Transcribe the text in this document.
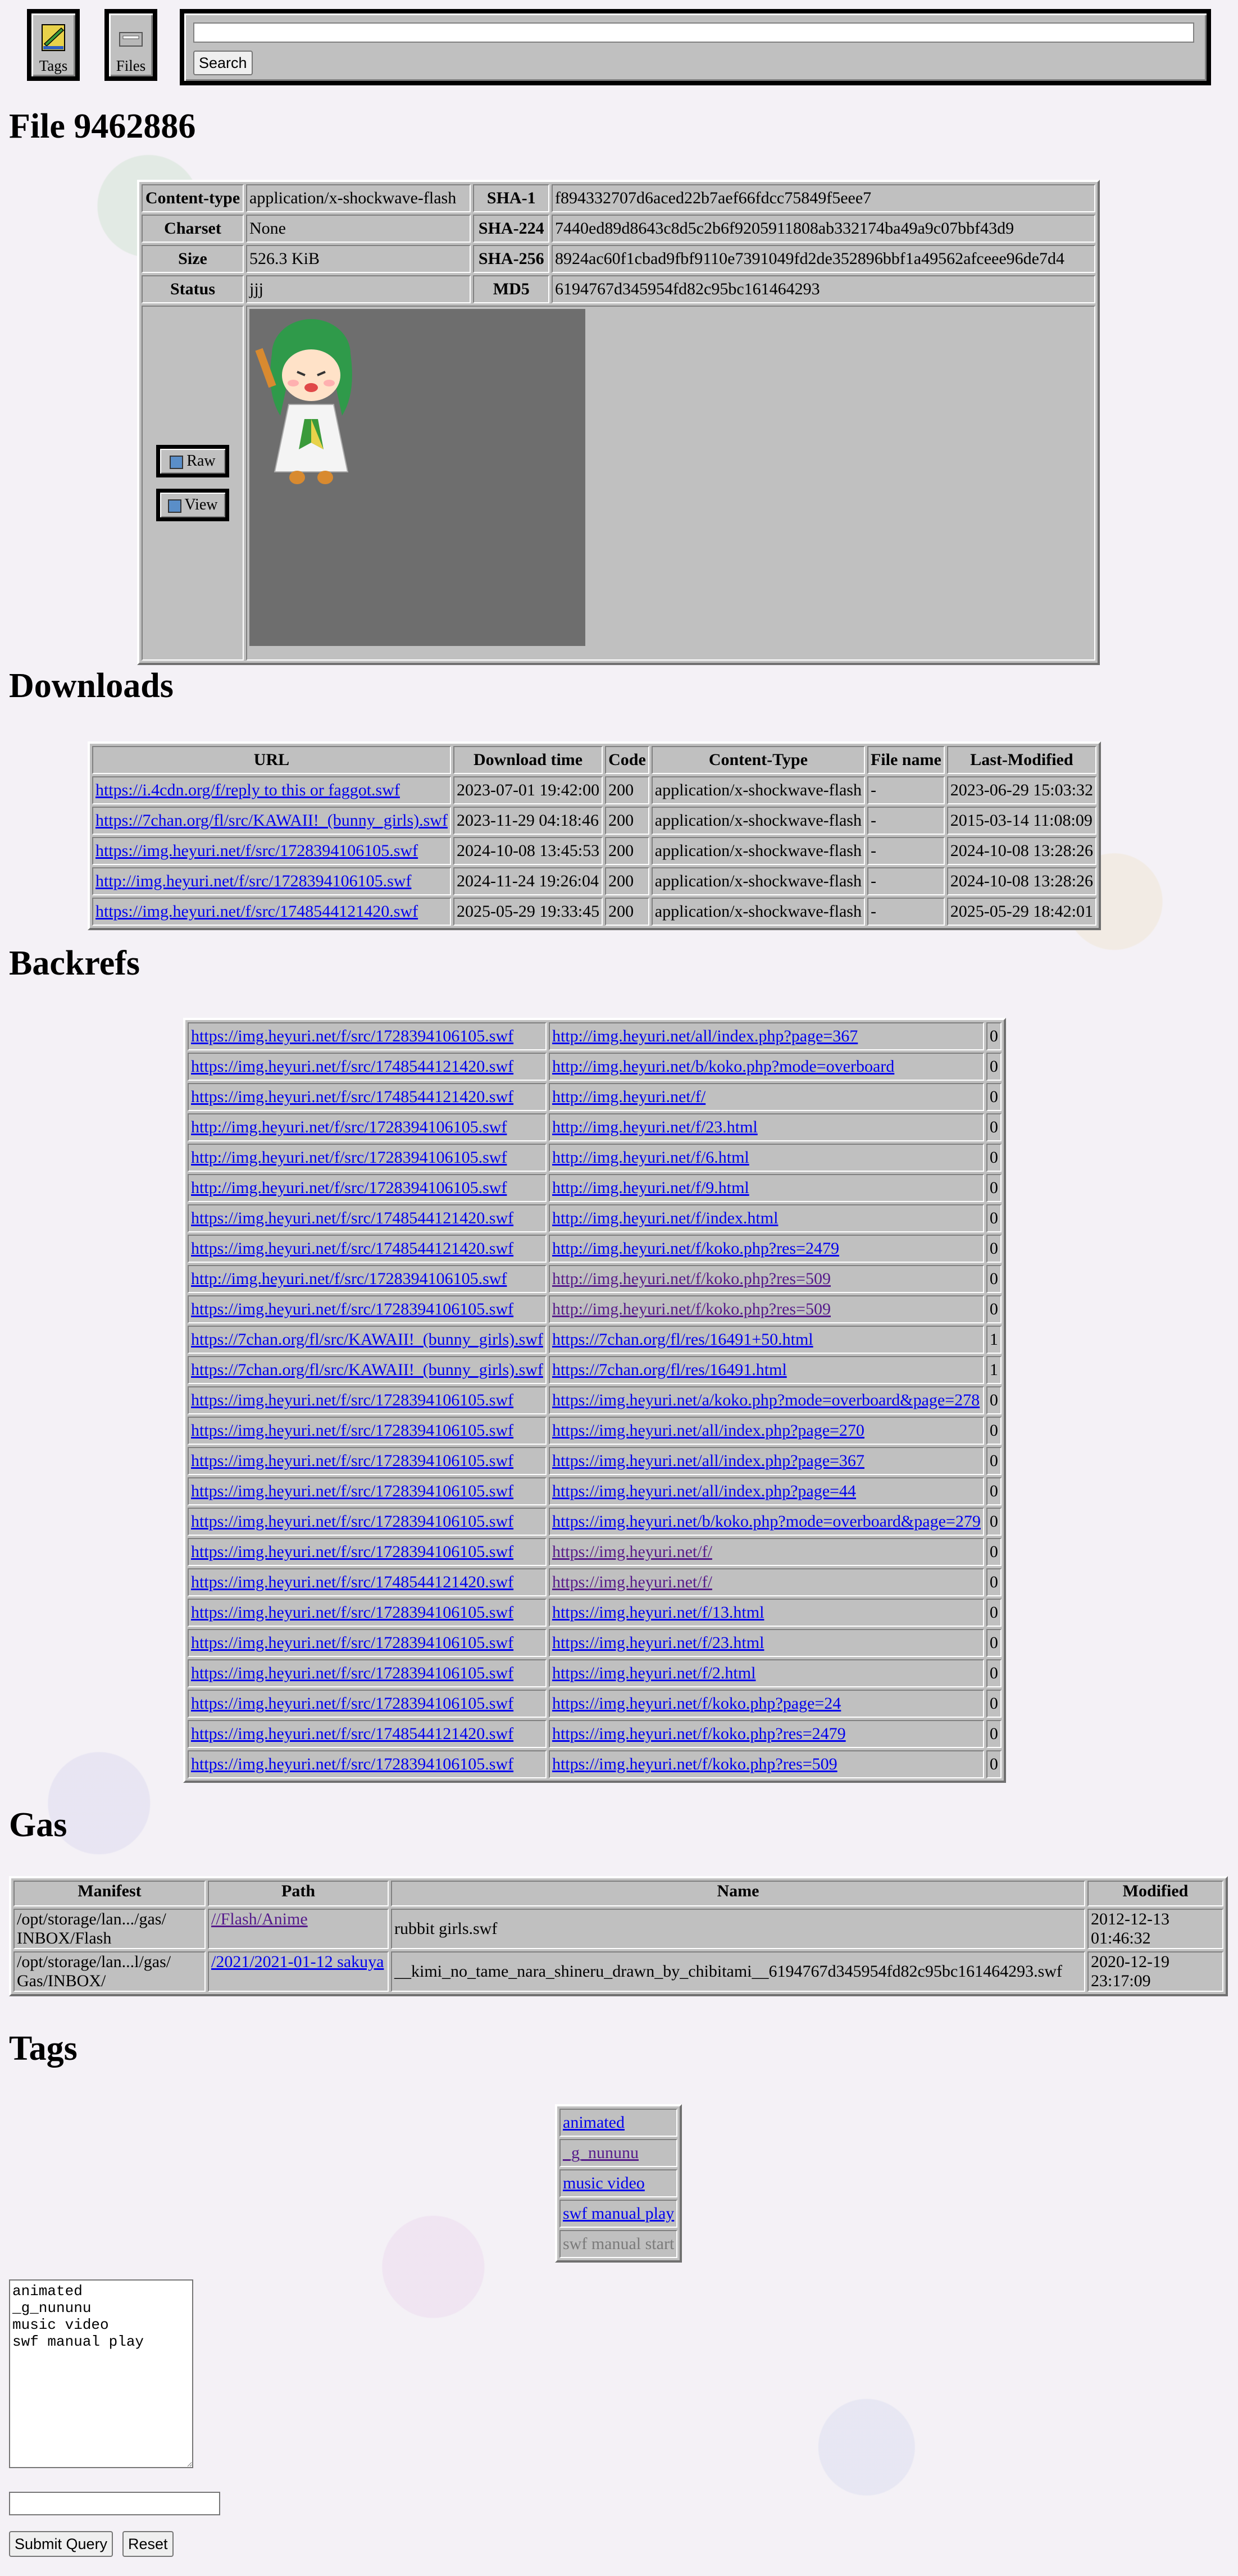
Tags	Files	Search
File 9462886
Content-type	application/x-shockwave-flash	SHA-1	f894332707d6aced22b7aef66fdcc75849f5eee7
Charset	None	SHA-224	7440ed89d8643c8d5c2b6f9205911808ab332174ba49a9c07bbf43d9
Size	526.3 KiB	SHA-256	8924ac60f1cbad9fbf9110e7391049fd2de352896bbf1a49562afceee96de7d4
Status	jjj	MD5	6194767d345954fd82c95bc161464293

Raw
View

Downloads
URL	Download time	Code	Content-Type	File name	Last-Modified
https://i.4cdn.org/f/reply to this or faggot.swf	2023-07-01 19:42:00	200	application/x-shockwave-flash	-	2023-06-29 15:03:32
https://7chan.org/fl/src/KAWAII!_(bunny_girls).swf	2023-11-29 04:18:46	200	application/x-shockwave-flash	-	2015-03-14 11:08:09
https://img.heyuri.net/f/src/1728394106105.swf	2024-10-08 13:45:53	200	application/x-shockwave-flash	-	2024-10-08 13:28:26
http://img.heyuri.net/f/src/1728394106105.swf	2024-11-24 19:26:04	200	application/x-shockwave-flash	-	2024-10-08 13:28:26
https://img.heyuri.net/f/src/1748544121420.swf	2025-05-29 19:33:45	200	application/x-shockwave-flash	-	2025-05-29 18:42:01
Backrefs
https://img.heyuri.net/f/src/1728394106105.swf	http://img.heyuri.net/all/index.php?page=367	0
https://img.heyuri.net/f/src/1748544121420.swf	http://img.heyuri.net/b/koko.php?mode=overboard	0
https://img.heyuri.net/f/src/1748544121420.swf	http://img.heyuri.net/f/	0
http://img.heyuri.net/f/src/1728394106105.swf	http://img.heyuri.net/f/23.html	0
http://img.heyuri.net/f/src/1728394106105.swf	http://img.heyuri.net/f/6.html	0
http://img.heyuri.net/f/src/1728394106105.swf	http://img.heyuri.net/f/9.html	0
https://img.heyuri.net/f/src/1748544121420.swf	http://img.heyuri.net/f/index.html	0
https://img.heyuri.net/f/src/1748544121420.swf	http://img.heyuri.net/f/koko.php?res=2479	0
http://img.heyuri.net/f/src/1728394106105.swf	http://img.heyuri.net/f/koko.php?res=509	0
https://img.heyuri.net/f/src/1728394106105.swf	http://img.heyuri.net/f/koko.php?res=509	0
https://7chan.org/fl/src/KAWAII!_(bunny_girls).swf	https://7chan.org/fl/res/16491+50.html	1
https://7chan.org/fl/src/KAWAII!_(bunny_girls).swf	https://7chan.org/fl/res/16491.html	1
https://img.heyuri.net/f/src/1728394106105.swf	https://img.heyuri.net/a/koko.php?mode=overboard&page=278	0
https://img.heyuri.net/f/src/1728394106105.swf	https://img.heyuri.net/all/index.php?page=270	0
https://img.heyuri.net/f/src/1728394106105.swf	https://img.heyuri.net/all/index.php?page=367	0
https://img.heyuri.net/f/src/1728394106105.swf	https://img.heyuri.net/all/index.php?page=44	0
https://img.heyuri.net/f/src/1728394106105.swf	https://img.heyuri.net/b/koko.php?mode=overboard&page=279	0
https://img.heyuri.net/f/src/1728394106105.swf	https://img.heyuri.net/f/	0
https://img.heyuri.net/f/src/1748544121420.swf	https://img.heyuri.net/f/	0
https://img.heyuri.net/f/src/1728394106105.swf	https://img.heyuri.net/f/13.html	0
https://img.heyuri.net/f/src/1728394106105.swf	https://img.heyuri.net/f/23.html	0
https://img.heyuri.net/f/src/1728394106105.swf	https://img.heyuri.net/f/2.html	0
https://img.heyuri.net/f/src/1728394106105.swf	https://img.heyuri.net/f/koko.php?page=24	0
https://img.heyuri.net/f/src/1748544121420.swf	https://img.heyuri.net/f/koko.php?res=2479	0
https://img.heyuri.net/f/src/1728394106105.swf	https://img.heyuri.net/f/koko.php?res=509	0
Gas
Manifest	Path	Name	Modified
/opt/storage/lan.../gas/ INBOX/Flash	//Flash/Anime	rubbit girls.swf	2012-12-13 01:46:32
/opt/storage/lan...l/gas/ Gas/INBOX/	/2021/2021-01-12 sakuya	__kimi_no_tame_nara_shineru_drawn_by_chibitami__6194767d345954fd82c95bc161464293.swf	2020-12-19 23:17:09
Tags
animated
_g_nununu
music video
swf manual play
swf manual start
animated _g_nununu music video swf manual play
Submit Query	Reset
